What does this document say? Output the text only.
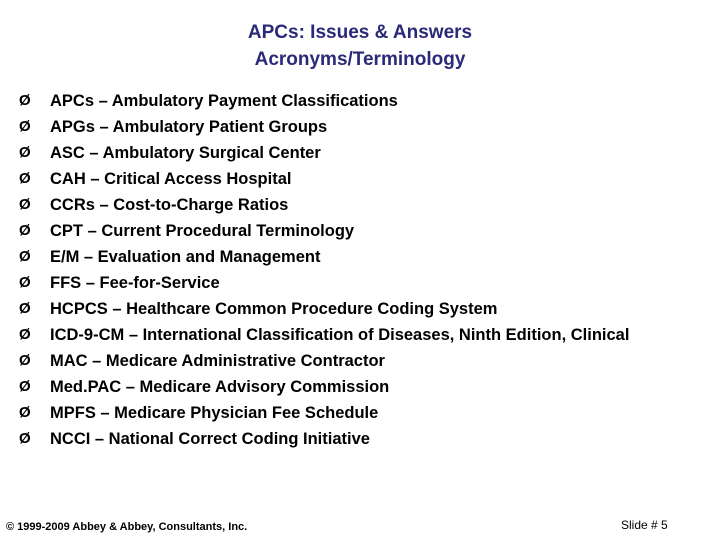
APCs: Issues & Answers
Acronyms/Terminology
Ø APCs – Ambulatory Payment Classifications
Ø APGs – Ambulatory Patient Groups
Ø ASC – Ambulatory Surgical Center
Ø CAH – Critical Access Hospital
Ø CCRs – Cost-to-Charge Ratios
Ø CPT – Current Procedural Terminology
Ø E/M – Evaluation and Management
Ø FFS – Fee-for-Service
Ø HCPCS – Healthcare Common Procedure Coding System
Ø ICD-9-CM – International Classification of Diseases, Ninth Edition, Clinical
Ø MAC – Medicare Administrative Contractor
Ø Med.PAC – Medicare Advisory Commission
Ø MPFS – Medicare Physician Fee Schedule
Ø NCCI – National Correct Coding Initiative
© 1999-2009 Abbey & Abbey, Consultants, Inc.	Slide # 5
